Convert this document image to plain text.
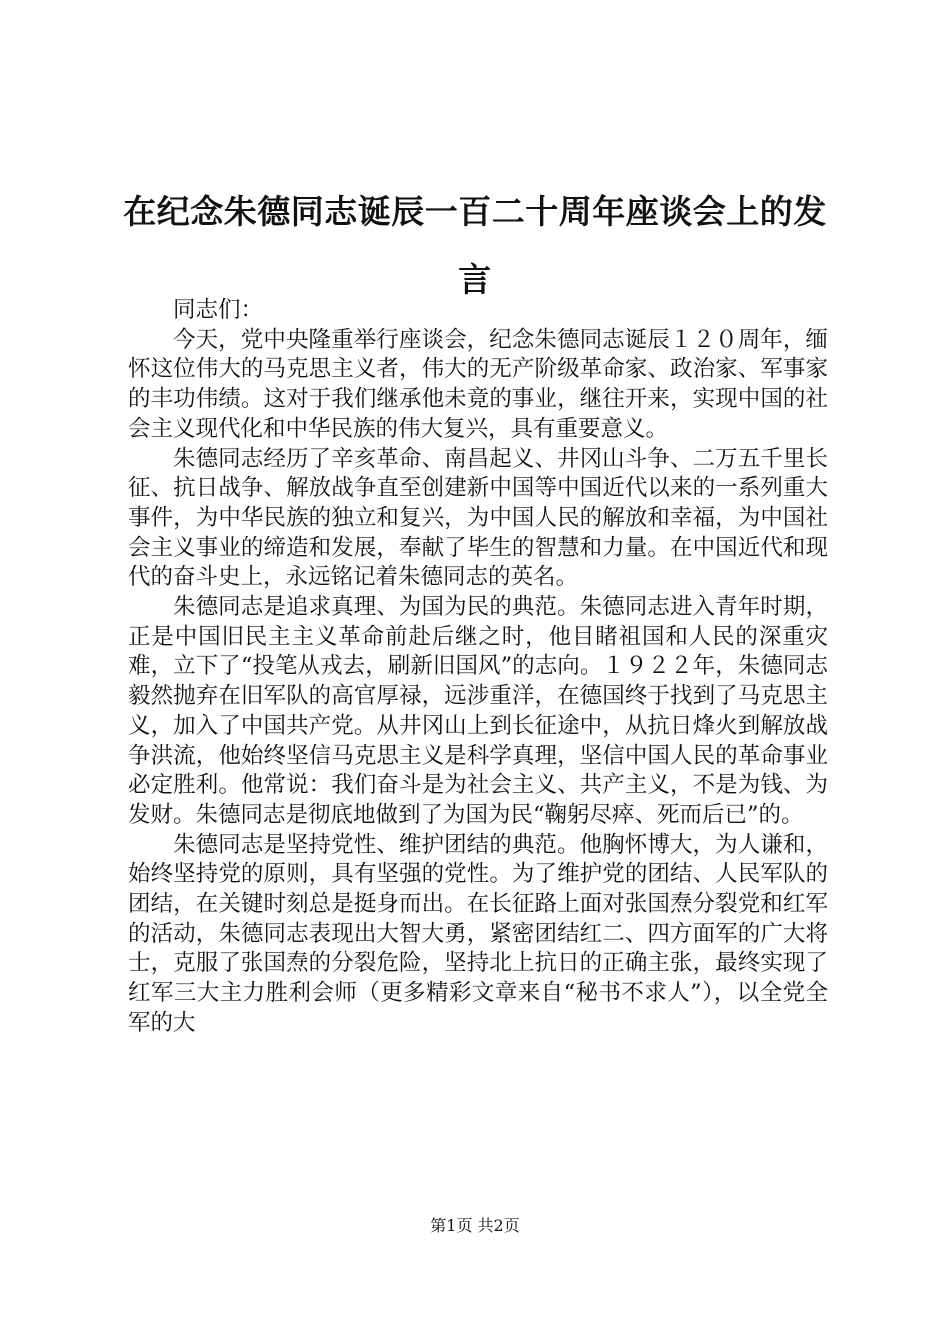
在纪念朱德同志诞辰一百二十周年座谈会上的发言

同志们：

今天，党中央隆重举行座谈会，纪念朱德同志诞辰１２０周年，缅怀这位伟大的马克思主义者，伟大的无产阶级革命家、政治家、军事家的丰功伟绩。这对于我们继承他未竟的事业，继往开来，实现中国的社会主义现代化和中华民族的伟大复兴，具有重要意义。

朱德同志经历了辛亥革命、南昌起义、井冈山斗争、二万五千里长征、抗日战争、解放战争直至创建新中国等中国近代以来的一系列重大事件，为中华民族的独立和复兴，为中国人民的解放和幸福，为中国社会主义事业的缔造和发展，奉献了毕生的智慧和力量。在中国近代和现代的奋斗史上，永远铭记着朱德同志的英名。

朱德同志是追求真理、为国为民的典范。朱德同志进入青年时期，正是中国旧民主主义革命前赴后继之时，他目睹祖国和人民的深重灾难，立下了“投笔从戎去，刷新旧国风”的志向。１９２２年，朱德同志毅然抛弃在旧军队的高官厚禄，远涉重洋，在德国终于找到了马克思主义，加入了中国共产党。从井冈山上到长征途中，从抗日烽火到解放战争洪流，他始终坚信马克思主义是科学真理，坚信中国人民的革命事业必定胜利。他常说：我们奋斗是为社会主义、共产主义，不是为钱、为发财。朱德同志是彻底地做到了为国为民“鞠躬尽瘁、死而后已”的。

朱德同志是坚持党性、维护团结的典范。他胸怀博大，为人谦和，始终坚持党的原则，具有坚强的党性。为了维护党的团结、人民军队的团结，在关键时刻总是挺身而出。在长征路上面对张国焘分裂党和红军的活动，朱德同志表现出大智大勇，紧密团结红二、四方面军的广大将士，克服了张国焘的分裂危险，坚持北上抗日的正确主张，最终实现了红军三大主力胜利会师（更多精彩文章来自“秘书不求人”），以全党全军的大

第1页 共2页
